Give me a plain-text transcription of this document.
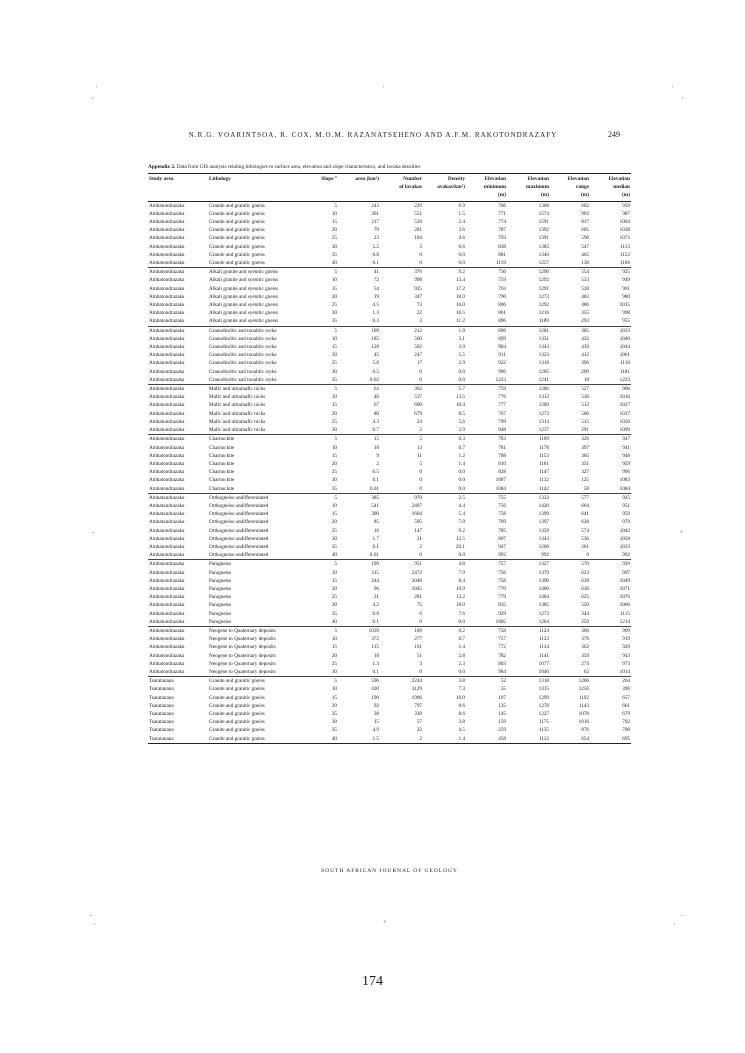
'	'	'
,	,
-	+
-
,	+
-
,
N.R.G. VOARINTSOA, R. COX, M.O.M. RAZANATSEHENO AND A.F.M. RAKOTONDRAZAFY	249
Appendix 2. Data from GIS analysis relating lithologies to surface area, elevation and slope characteristics, and lavaka densities
Study area	Lithology	Slope °	area (km²)	Number	Density	Elevation	Elevation	Elevation	Elevation
				of lavakas	avakas/km²)	minimum	maximum	range	median
						(m)	(m)	(m)	(m)
Ambatondrazaka	Granite and granitic gneiss	5	243	229	0.9	766	1368	602	959
Ambatondrazaka	Granite and granitic gneiss	10	361	551	1.5	771	1574	903	987
Ambatondrazaka	Granite and granitic gneiss	15	217	528	2.4	774	1591	817	1004
Ambatondrazaka	Granite and granitic gneiss	20	79	281	3.6	787	1392	605	1038
Ambatondrazaka	Granite and granitic gneiss	25	23	104	4.6	793	1391	598	1073
Ambatondrazaka	Granite and granitic gneiss	30	5.2	3	0.6	838	1385	547	1113
Ambatondrazaka	Granite and granitic gneiss	35	0.8	0	0.0	881	1346	465	1153
Ambatondrazaka	Granite and granitic gneiss	40	0.1	0	0.0	1119	1257	138	1166
Ambatondrazaka	Alkali granite and syenitic gneiss	5	41	376	9.2	736	1290	554	925
Ambatondrazaka	Alkali granite and syenitic gneiss	10	72	998	13.4	759	1292	533	949
Ambatondrazaka	Alkali granite and syenitic gneiss	15	54	925	17.2	763	1291	528	961
Ambatondrazaka	Alkali granite and syenitic gneiss	20	19	347	18.0	790	1273	483	980
Ambatondrazaka	Alkali granite and syenitic gneiss	25	4.5	73	16.0	806	1292	486	1015
Ambatondrazaka	Alkali granite and syenitic gneiss	30	1.3	22	16.5	861	1216	355	998
Ambatondrazaka	Alkali granite and syenitic gneiss	35	0.3	3	11.2	896	1189	293	955
Ambatondrazaka	Granodioritic and tonalitic rocks	5	109	212	1.9	896	1281	385	1033
Ambatondrazaka	Granodioritic and tonalitic rocks	10	185	560	3.1	899	1331	432	1040
Ambatondrazaka	Granodioritic and tonalitic rocks	15	128	502	3.9	904	1343	439	1044
Ambatondrazaka	Granodioritic and tonalitic rocks	20	45	247	5.5	911	1323	412	1061
Ambatondrazaka	Granodioritic and tonalitic rocks	25	5.8	17	2.9	922	1318	396	1118
Ambatondrazaka	Granodioritic and tonalitic rocks	30	0.5	0	0.0	996	1205	209	1181
Ambatondrazaka	Granodioritic and tonalitic rocks	35	0.02	0	0.0	1223	1241	18	1223
Ambatondrazaka	Mafic and ultramafic rocks	5	63	362	5.7	759	1286	527	966
Ambatondrazaka	Mafic and ultramafic rocks	10	40	537	13.5	776	1312	536	1016
Ambatondrazaka	Mafic and ultramafic rocks	15	67	690	10.4	777	1289	512	1027
Ambatondrazaka	Mafic and ultramafic rocks	20	80	679	8.5	767	1273	506	1037
Ambatondrazaka	Mafic and ultramafic rocks	25	4.3	24	5.6	799	1314	515	1050
Ambatondrazaka	Mafic and ultramafic rocks	30	0.7	2	2.9	948	1237	291	1099
Ambatondrazaka	Charnockite	5	15	5	0.3	783	1109	326	947
Ambatondrazaka	Charnockite	10	18	13	0.7	781	1178	397	941
Ambatondrazaka	Charnockite	15	9	11	1.2	788	1153	365	948
Ambatondrazaka	Charnockite	20	2	5	1.4	810	1161	351	959
Ambatondrazaka	Charnockite	25	0.5	0	0.0	828	1147	327	996
Ambatondrazaka	Charnockite	30	0.1	0	0.0	1007	1132	125	1083
Ambatondrazaka	Charnockite	35	0.01	0	0.0	1084	1142	58	1084
Ambatondrazaka	Orthogneiss undifferentiated	5	385	970	2.5	755	1332	577	925
Ambatondrazaka	Orthogneiss undifferentiated	10	541	2407	4.4	756	1420	664	951
Ambatondrazaka	Orthogneiss undifferentiated	15	300	1604	5.4	758	1399	641	959
Ambatondrazaka	Orthogneiss undifferentiated	20	85	595	7.0	769	1397	628	979
Ambatondrazaka	Orthogneiss undifferentiated	25	16	147	9.2	785	1359	574	1042
Ambatondrazaka	Orthogneiss undifferentiated	30	1.7	21	12.5	807	1343	536	1058
Ambatondrazaka	Orthogneiss undifferentiated	35	0.1	2	20.1	947	1208	261	1033
Ambatondrazaka	Orthogneiss undifferentiated	40	0.01	0	0.0	992	992	0	992
Ambatondrazaka	Paragneiss	5	199	951	4.8	757	1327	570	920
Ambatondrazaka	Paragneiss	10	315	2472	7.9	756	1379	623	997
Ambatondrazaka	Paragneiss	15	244	2048	8.4	758	1396	638	1049
Ambatondrazaka	Paragneiss	20	96	1045	10.9	770	1406	636	1071
Ambatondrazaka	Paragneiss	25	21	281	13.2	779	1404	625	1076
Ambatondrazaka	Paragneiss	30	4.2	75	18.0	835	1385	550	1066
Ambatondrazaka	Paragneiss	35	0.8	6	7.6	929	1273	344	1115
Ambatondrazaka	Paragneiss	40	0.1	0	0.0	1005	1264	259	1214
Ambatondrazaka	Neogene to Quaternary deposits	5	1039	189	0.2	758	1124	366	909
Ambatondrazaka	Neogene to Quaternary deposits	10	372	277	0.7	757	1133	376	919
Ambatondrazaka	Neogene to Quaternary deposits	15	115	161	1.4	772	1134	362	929
Ambatondrazaka	Neogene to Quaternary deposits	20	18	51	2.8	782	1141	359	943
Ambatondrazaka	Neogene to Quaternary deposits	25	1.3	3	2.3	803	1077	274	973
Ambatondrazaka	Neogene to Quaternary deposits	30	0.1	0	0.0	984	1046	62	1014
Tsaratanana	Granite and granitic gneiss	5	596	2244	3.8	52	1318	1266	264
Tsaratanana	Granite and granitic gneiss	10	430	3129	7.3	55	1315	1256	396
Tsaratanana	Granite and granitic gneiss	15	190	1906	10.0	107	1299	1192	657
Tsaratanana	Granite and granitic gneiss	20	92	797	8.6	135	1278	1143	661
Tsaratanana	Granite and granitic gneiss	25	38	330	8.6	145	1227	1078	679
Tsaratanana	Granite and granitic gneiss	30	15	57	3.8	159	1175	1016	702
Tsaratanana	Granite and granitic gneiss	35	4.9	22	4.5	259	1135	876	708
Tsaratanana	Granite and granitic gneiss	40	1.5	2	1.4	458	1112	654	695
SOUTH AFRICAN JOURNAL OF GEOLOGY
174
